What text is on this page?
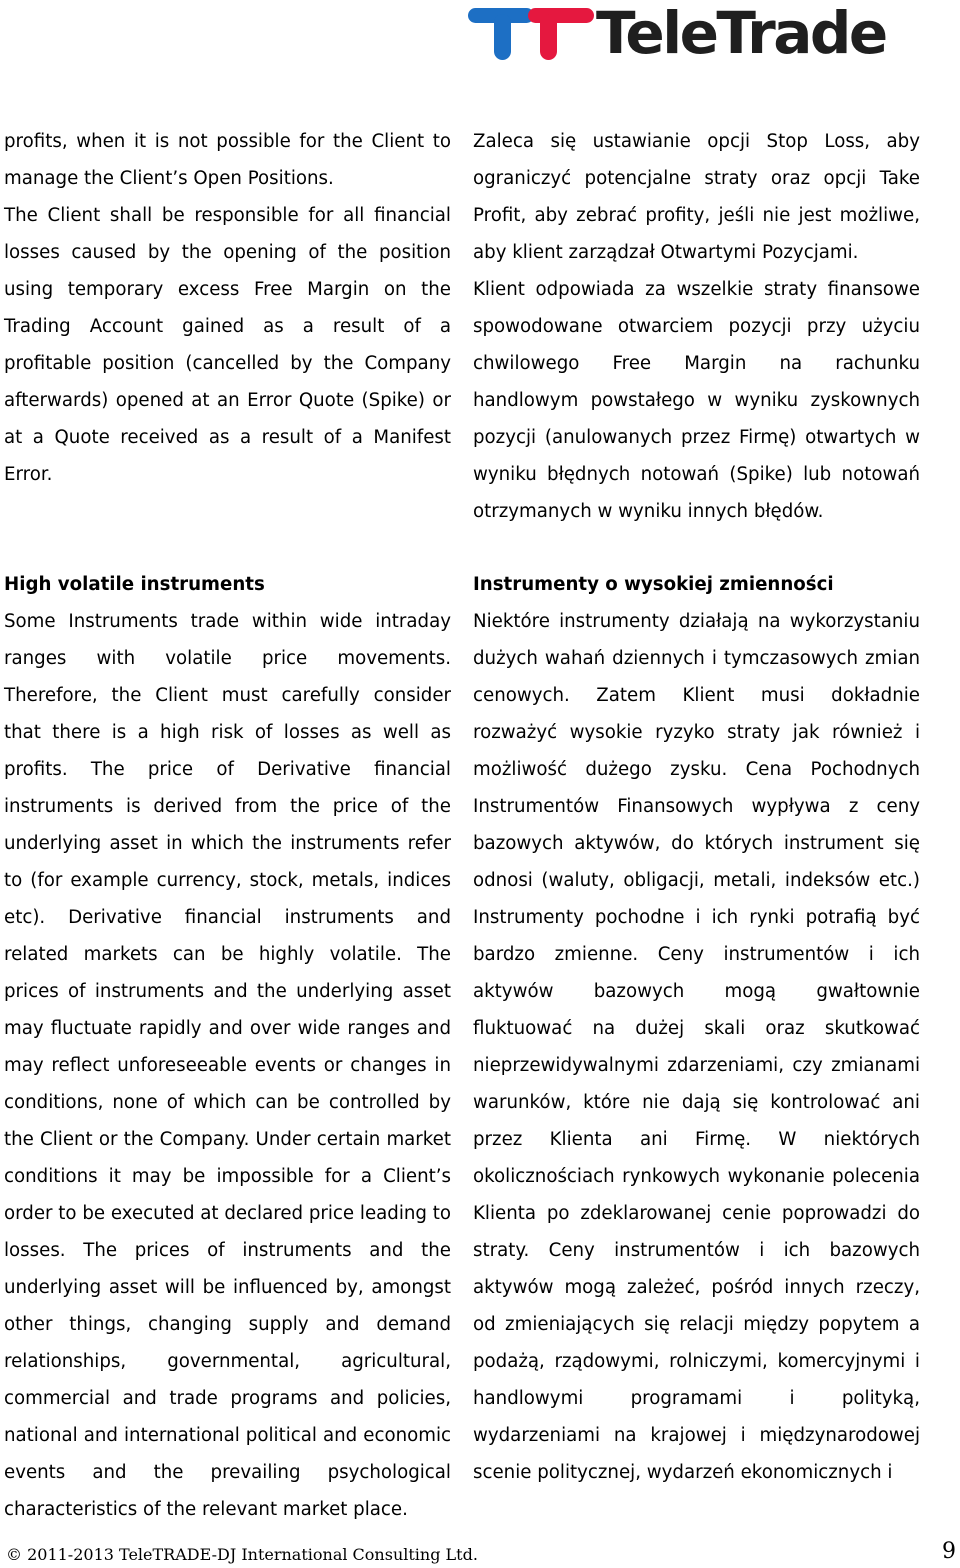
TeleTrade

profits, when it is not possible for the Client to manage the Client’s Open Positions.

The Client shall be responsible for all financial losses caused by the opening of the position using temporary excess Free Margin on the Trading Account gained as a result of a profitable position (cancelled by the Company afterwards) opened at an Error Quote (Spike) or at a Quote received as a result of a Manifest Error.

Zaleca się ustawianie opcji Stop Loss, aby ograniczyć potencjalne straty oraz opcji Take Profit, aby zebrać profity, jeśli nie jest możliwe, aby klient zarządzał Otwartymi Pozycjami.

Klient odpowiada za wszelkie straty finansowe spowodowane otwarciem pozycji przy użyciu chwilowego Free Margin na rachunku handlowym powstałego w wyniku zyskownych pozycji (anulowanych przez Firmę) otwartych w wyniku błędnych notowań (Spike) lub notowań otrzymanych w wyniku innych błędów.

High volatile instruments

Some Instruments trade within wide intraday ranges with volatile price movements. Therefore, the Client must carefully consider that there is a high risk of losses as well as profits. The price of Derivative financial instruments is derived from the price of the underlying asset in which the instruments refer to (for example currency, stock, metals, indices etc). Derivative financial instruments and related markets can be highly volatile. The prices of instruments and the underlying asset may fluctuate rapidly and over wide ranges and may reflect unforeseeable events or changes in conditions, none of which can be controlled by the Client or the Company. Under certain market conditions it may be impossible for a Client’s order to be executed at declared price leading to losses. The prices of instruments and the underlying asset will be influenced by, amongst other things, changing supply and demand relationships, governmental, agricultural, commercial and trade programs and policies, national and international political and economic events and the prevailing psychological characteristics of the relevant market place.

Instrumenty o wysokiej zmienności

Niektóre instrumenty działają na wykorzystaniu dużych wahań dziennych i tymczasowych zmian cenowych. Zatem Klient musi dokładnie rozważyć wysokie ryzyko straty jak również i możliwość dużego zysku. Cena Pochodnych Instrumentów Finansowych wypływa z ceny bazowych aktywów, do których instrument się odnosi (waluty, obligacji, metali, indeksów etc.) Instrumenty pochodne i ich rynki potrafią być bardzo zmienne. Ceny instrumentów i ich aktywów bazowych mogą gwałtownie fluktuować na dużej skali oraz skutkować nieprzewidywalnymi zdarzeniami, czy zmianami warunków, które nie dają się kontrolować ani przez Klienta ani Firmę. W niektórych okolicznościach rynkowych wykonanie polecenia Klienta po zdeklarowanej cenie poprowadzi do straty. Ceny instrumentów i ich bazowych aktywów mogą zależeć, pośród innych rzeczy, od zmieniających się relacji między popytem a podażą, rządowymi, rolniczymi, komercyjnymi i handlowymi programami i polityką, wydarzeniami na krajowej i międzynarodowej scenie politycznej, wydarzeń ekonomicznych i

© 2011-2013 TeleTRADE-DJ International Consulting Ltd.	9
